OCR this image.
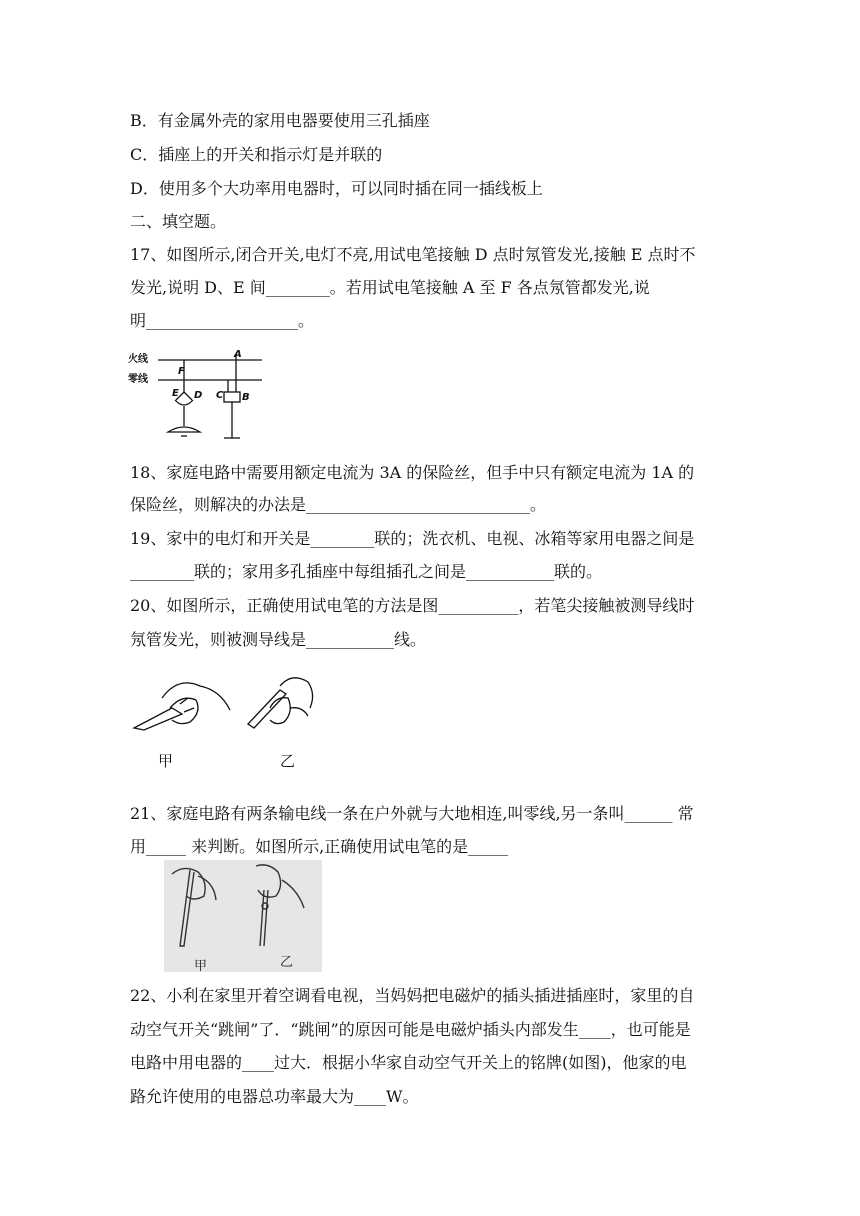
B．有金属外壳的家用电器要使用三孔插座
C．插座上的开关和指示灯是并联的
D．使用多个大功率用电器时，可以同时插在同一插线板上
二、填空题。
17、如图所示,闭合开关,电灯不亮,用试电笔接触 D 点时氖管发光,接触 E 点时不
发光,说明 D、E 间________。若用试电笔接触 A 至 F 各点氖管都发光,说
明___________________。
火线
零线
A
F
E D C B
18、家庭电路中需要用额定电流为 3A 的保险丝，但手中只有额定电流为 1A 的
保险丝，则解决的办法是____________________________。
19、家中的电灯和开关是________联的；洗衣机、电视、冰箱等家用电器之间是
________联的；家用多孔插座中每组插孔之间是___________联的。
20、如图所示，正确使用试电笔的方法是图__________，若笔尖接触被测导线时
氖管发光，则被测导线是___________线。
甲	乙
21、家庭电路有两条输电线一条在户外就与大地相连,叫零线,另一条叫______ 常
用_____ 来判断。如图所示,正确使用试电笔的是_____
甲	乙
22、小利在家里开着空调看电视，当妈妈把电磁炉的插头插进插座时，家里的自
动空气开关“跳闸”了．“跳闸”的原因可能是电磁炉插头内部发生____，也可能是
电路中用电器的____过大．根据小华家自动空气开关上的铭牌(如图)，他家的电
路允许使用的电器总功率最大为____W。
